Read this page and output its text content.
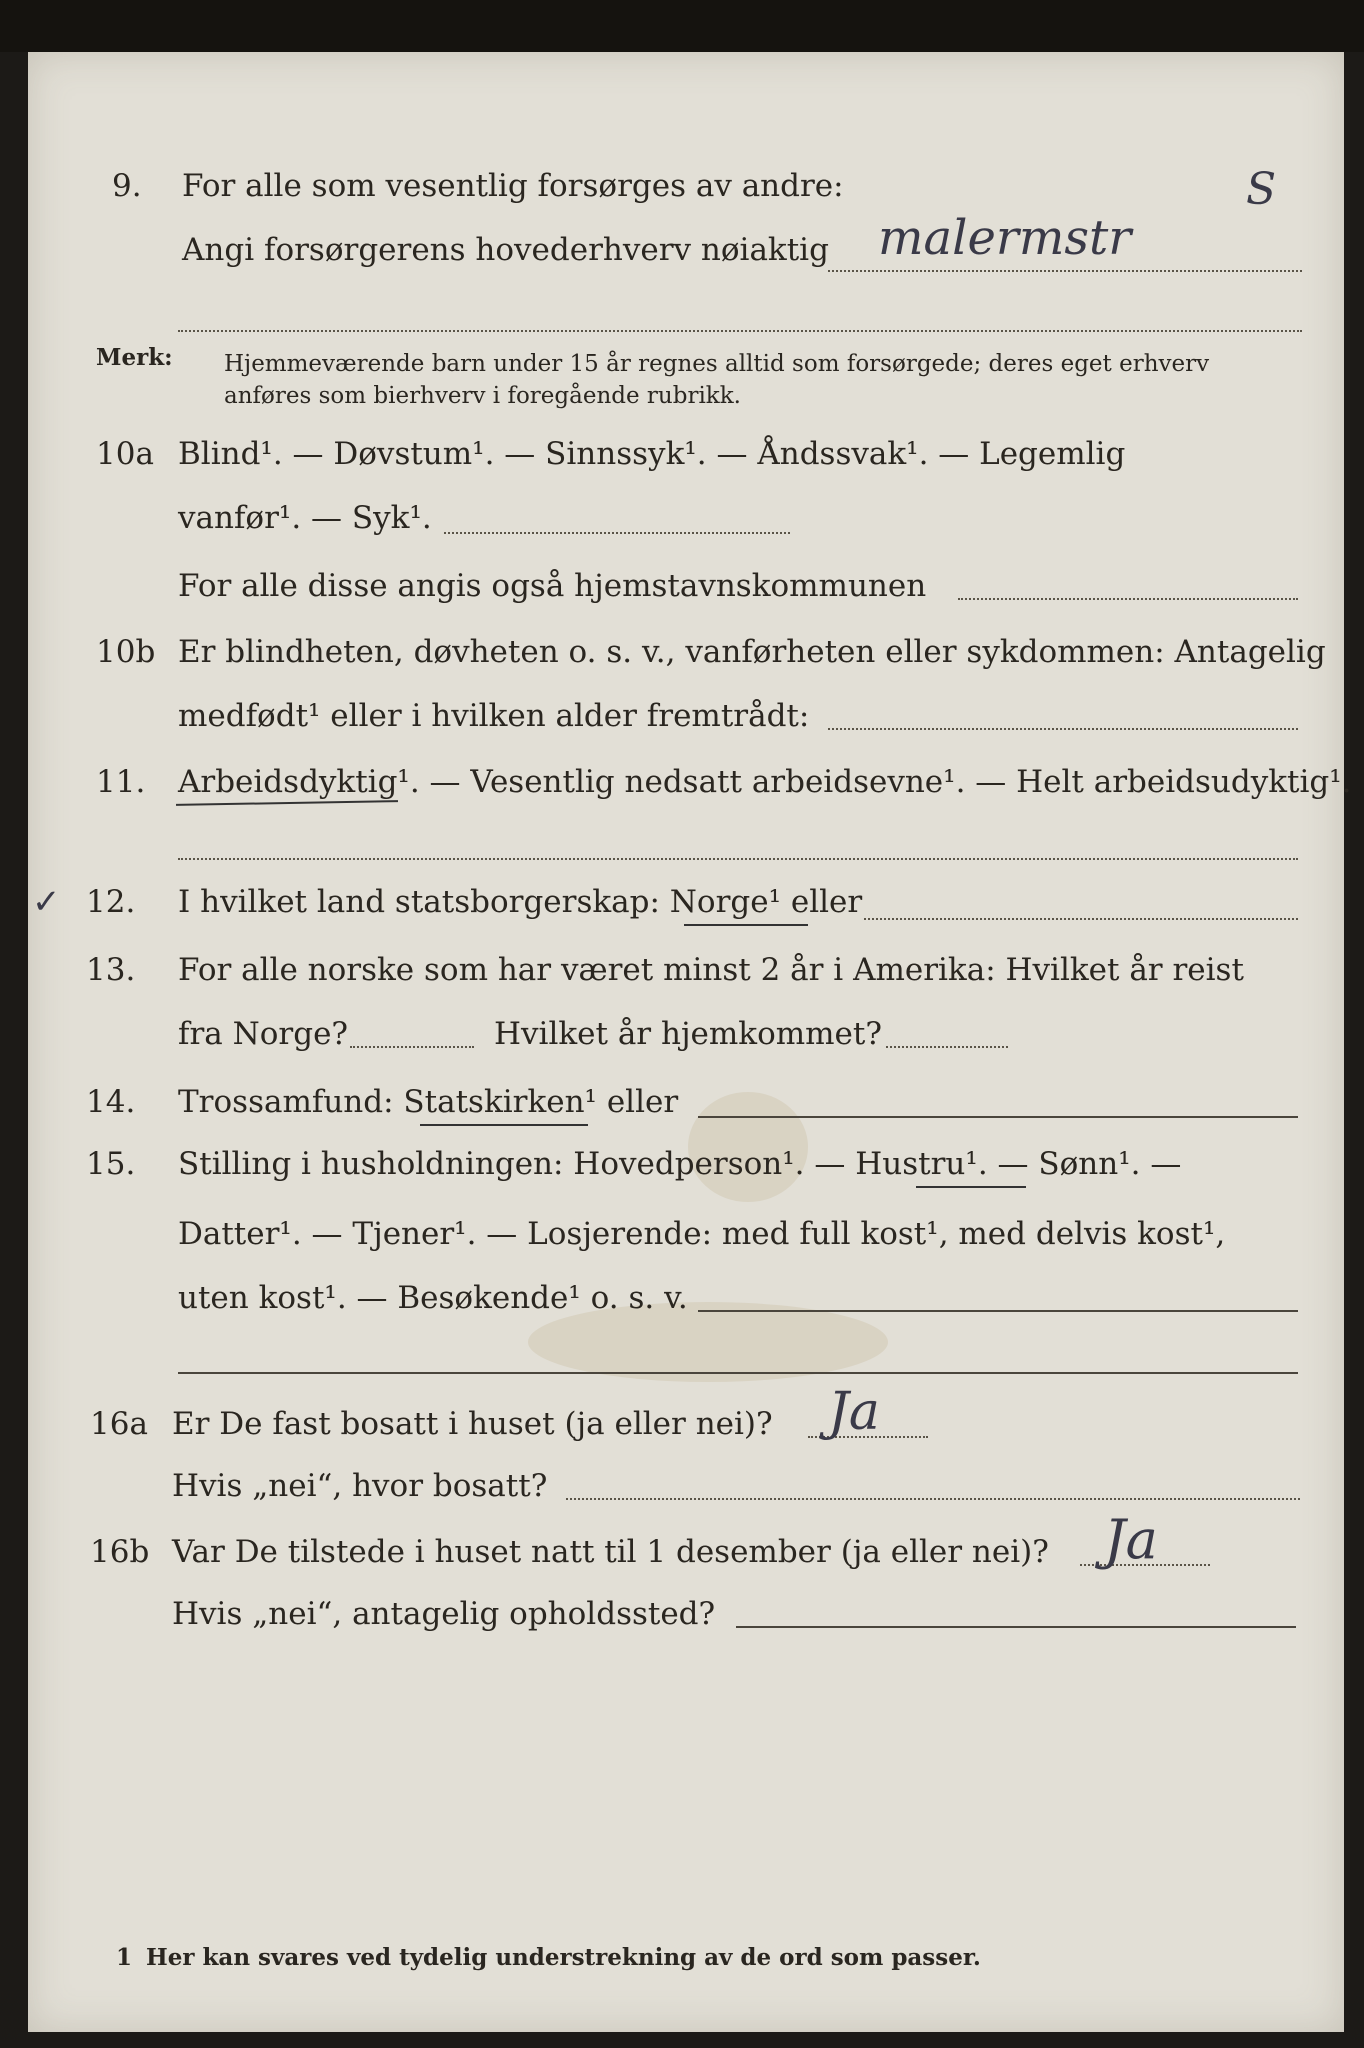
9. For alle som vesentlig forsørges av andre:
Angi forsørgerens hovederhverv nøiaktig malermstr
S
Merk: Hjemmeværende barn under 15 år regnes alltid som forsørgede; deres eget erhverv
anføres som bierhverv i foregående rubrikk.
10a Blind¹. — Døvstum¹. — Sinnssyk¹. — Åndssvak¹. — Legemlig
vanfør¹. — Syk¹.
For alle disse angis også hjemstavnskommunen
10b Er blindheten, døvheten o. s. v., vanførheten eller sykdommen: Antagelig
medfødt¹ eller i hvilken alder fremtrådt:
11. Arbeidsdyktig¹. — Vesentlig nedsatt arbeidsevne¹. — Helt arbeidsudyktig¹.
✓ 12. I hvilket land statsborgerskap: Norge¹ eller
13. For alle norske som har været minst 2 år i Amerika: Hvilket år reist
fra Norge?	Hvilket år hjemkommet?
14. Trossamfund: Statskirken¹ eller
15. Stilling i husholdningen: Hovedperson¹. — Hustru¹. — Sønn¹. —
Datter¹. — Tjener¹. — Losjerende: med full kost¹, med delvis kost¹,
uten kost¹. — Besøkende¹ o. s. v.
16a Er De fast bosatt i huset (ja eller nei)? Ja
Hvis „nei“, hvor bosatt?
16b Var De tilstede i huset natt til 1 desember (ja eller nei)? Ja
Hvis „nei“, antagelig opholdssted?
1 Her kan svares ved tydelig understrekning av de ord som passer.
